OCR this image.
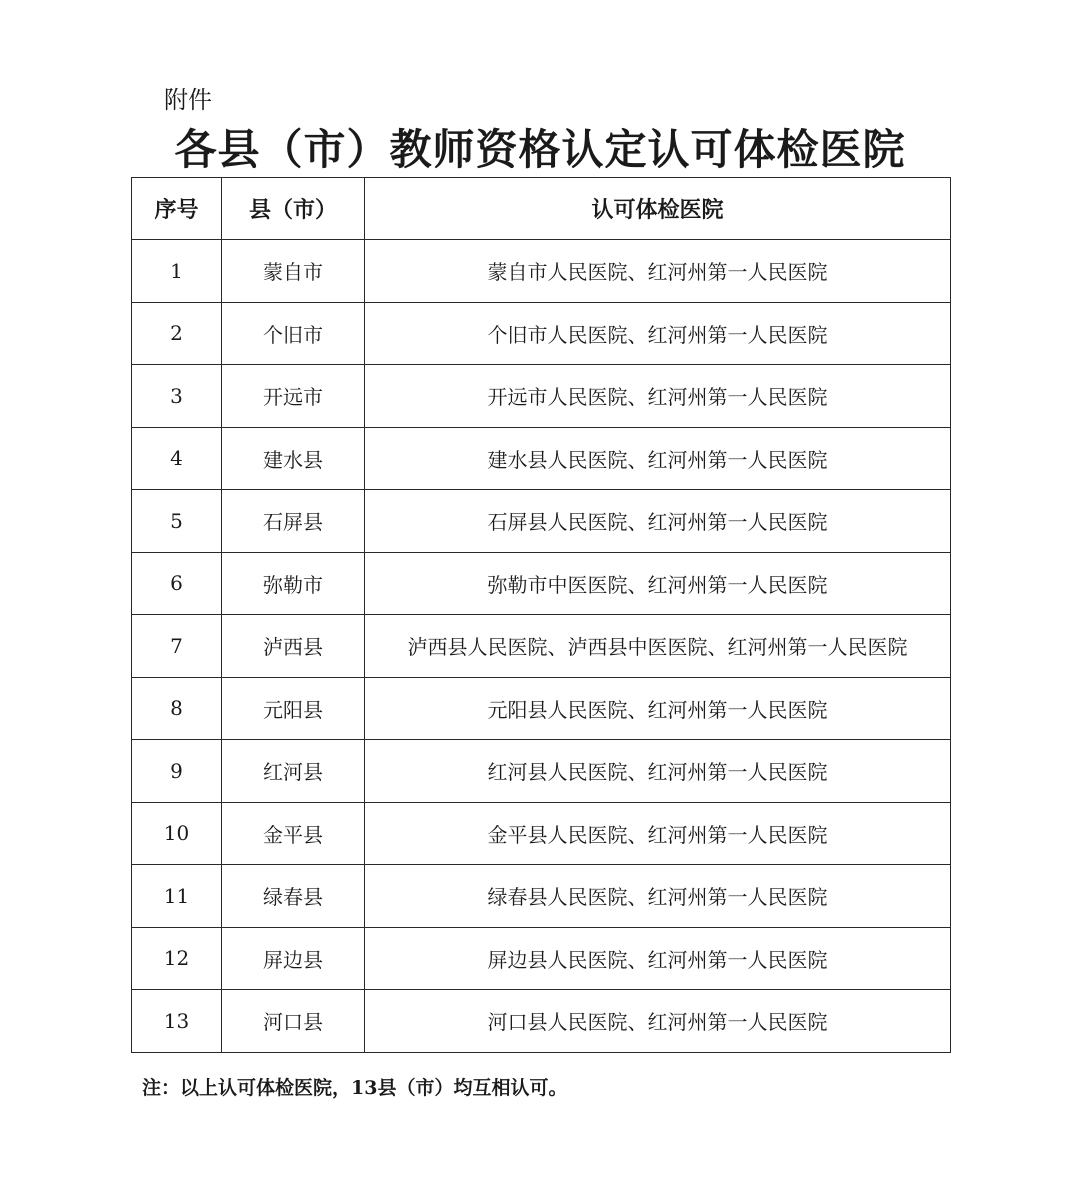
附件

各县（市）教师资格认定认可体检医院
序号	县（市）	认可体检医院
1	蒙自市	蒙自市人民医院、红河州第一人民医院
2	个旧市	个旧市人民医院、红河州第一人民医院
3	开远市	开远市人民医院、红河州第一人民医院
4	建水县	建水县人民医院、红河州第一人民医院
5	石屏县	石屏县人民医院、红河州第一人民医院
6	弥勒市	弥勒市中医医院、红河州第一人民医院
7	泸西县	泸西县人民医院、泸西县中医医院、红河州第一人民医院
8	元阳县	元阳县人民医院、红河州第一人民医院
9	红河县	红河县人民医院、红河州第一人民医院
10	金平县	金平县人民医院、红河州第一人民医院
11	绿春县	绿春县人民医院、红河州第一人民医院
12	屏边县	屏边县人民医院、红河州第一人民医院
13	河口县	河口县人民医院、红河州第一人民医院

注：以上认可体检医院，13县（市）均互相认可。
